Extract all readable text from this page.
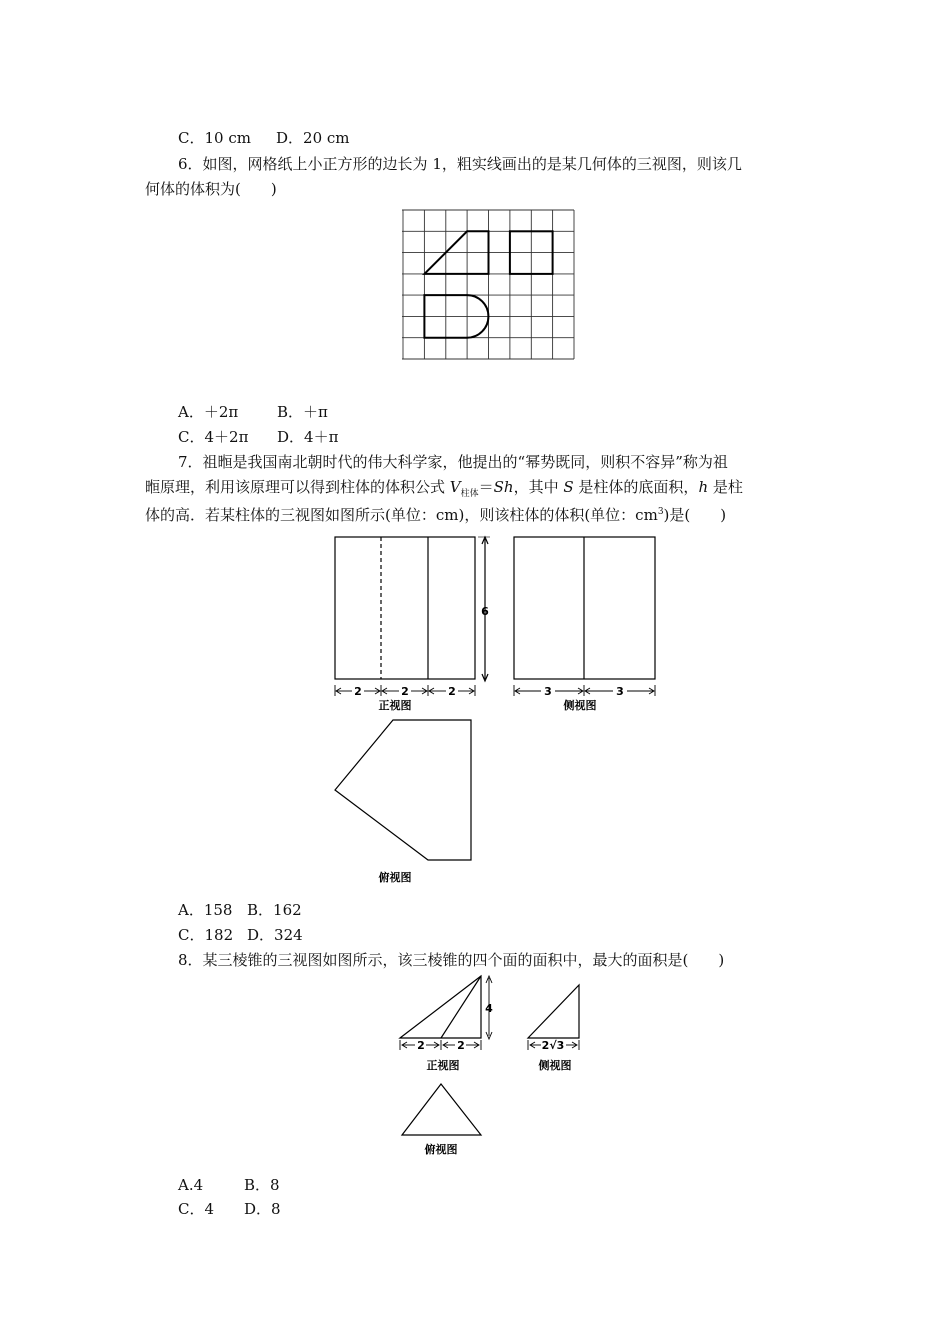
C．10 cm D．20 cm
6．如图，网格纸上小正方形的边长为 1，粗实线画出的是某几何体的三视图，则该几
何体的体积为(　　)
A．＋2π	B．＋π
C．4＋2π D．4＋π
7．祖暅是我国南北朝时代的伟大科学家，他提出的“幂势既同，则积不容异”称为祖
暅原理，利用该原理可以得到柱体的体积公式 $V_{柱体}=Sh$，其中 S 是柱体的底面积，h 是柱
体的高．若某柱体的三视图如图所示(单位：cm)，则该柱体的体积(单位：$cm^3$)是(　　)
6
2	2	2
正视图
3	3
侧视图
俯视图
A．158 B．162
C．182 D．324
8．某三棱锥的三视图如图所示，该三棱锥的四个面的面积中，最大的面积是(　　)
4
2	2
正视图
2√3
侧视图
俯视图
A.4	B．8
C．4 D．8
